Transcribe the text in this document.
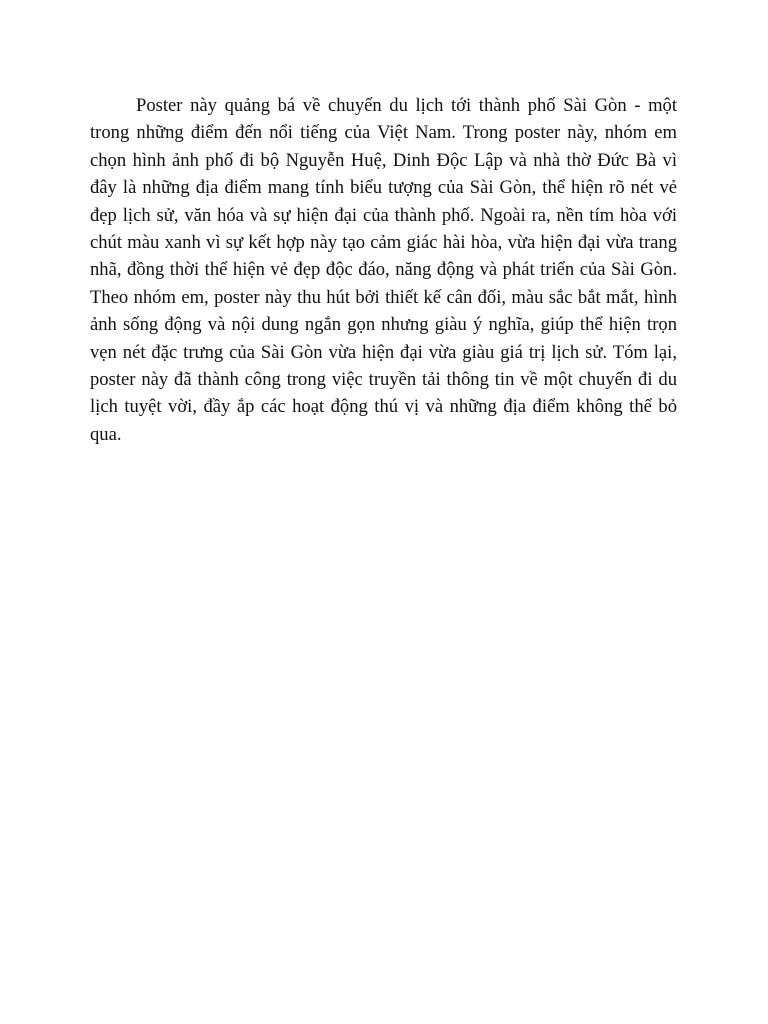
Poster này quảng bá về chuyến du lịch tới thành phố Sài Gòn - một trong những điểm đến nổi tiếng của Việt Nam. Trong poster này, nhóm em chọn hình ảnh phố đi bộ Nguyễn Huệ, Dinh Độc Lập và nhà thờ Đức Bà vì đây là những địa điểm mang tính biểu tượng của Sài Gòn, thể hiện rõ nét vẻ đẹp lịch sử, văn hóa và sự hiện đại của thành phố. Ngoài ra, nền tím hòa với chút màu xanh vì sự kết hợp này tạo cảm giác hài hòa, vừa hiện đại vừa trang nhã, đồng thời thể hiện vẻ đẹp độc đáo, năng động và phát triển của Sài Gòn. Theo nhóm em, poster này thu hút bởi thiết kế cân đối, màu sắc bắt mắt, hình ảnh sống động và nội dung ngắn gọn nhưng giàu ý nghĩa, giúp thể hiện trọn vẹn nét đặc trưng của Sài Gòn vừa hiện đại vừa giàu giá trị lịch sử. Tóm lại, poster này đã thành công trong việc truyền tải thông tin về một chuyến đi du lịch tuyệt vời, đầy ắp các hoạt động thú vị và những địa điểm không thể bỏ qua.
